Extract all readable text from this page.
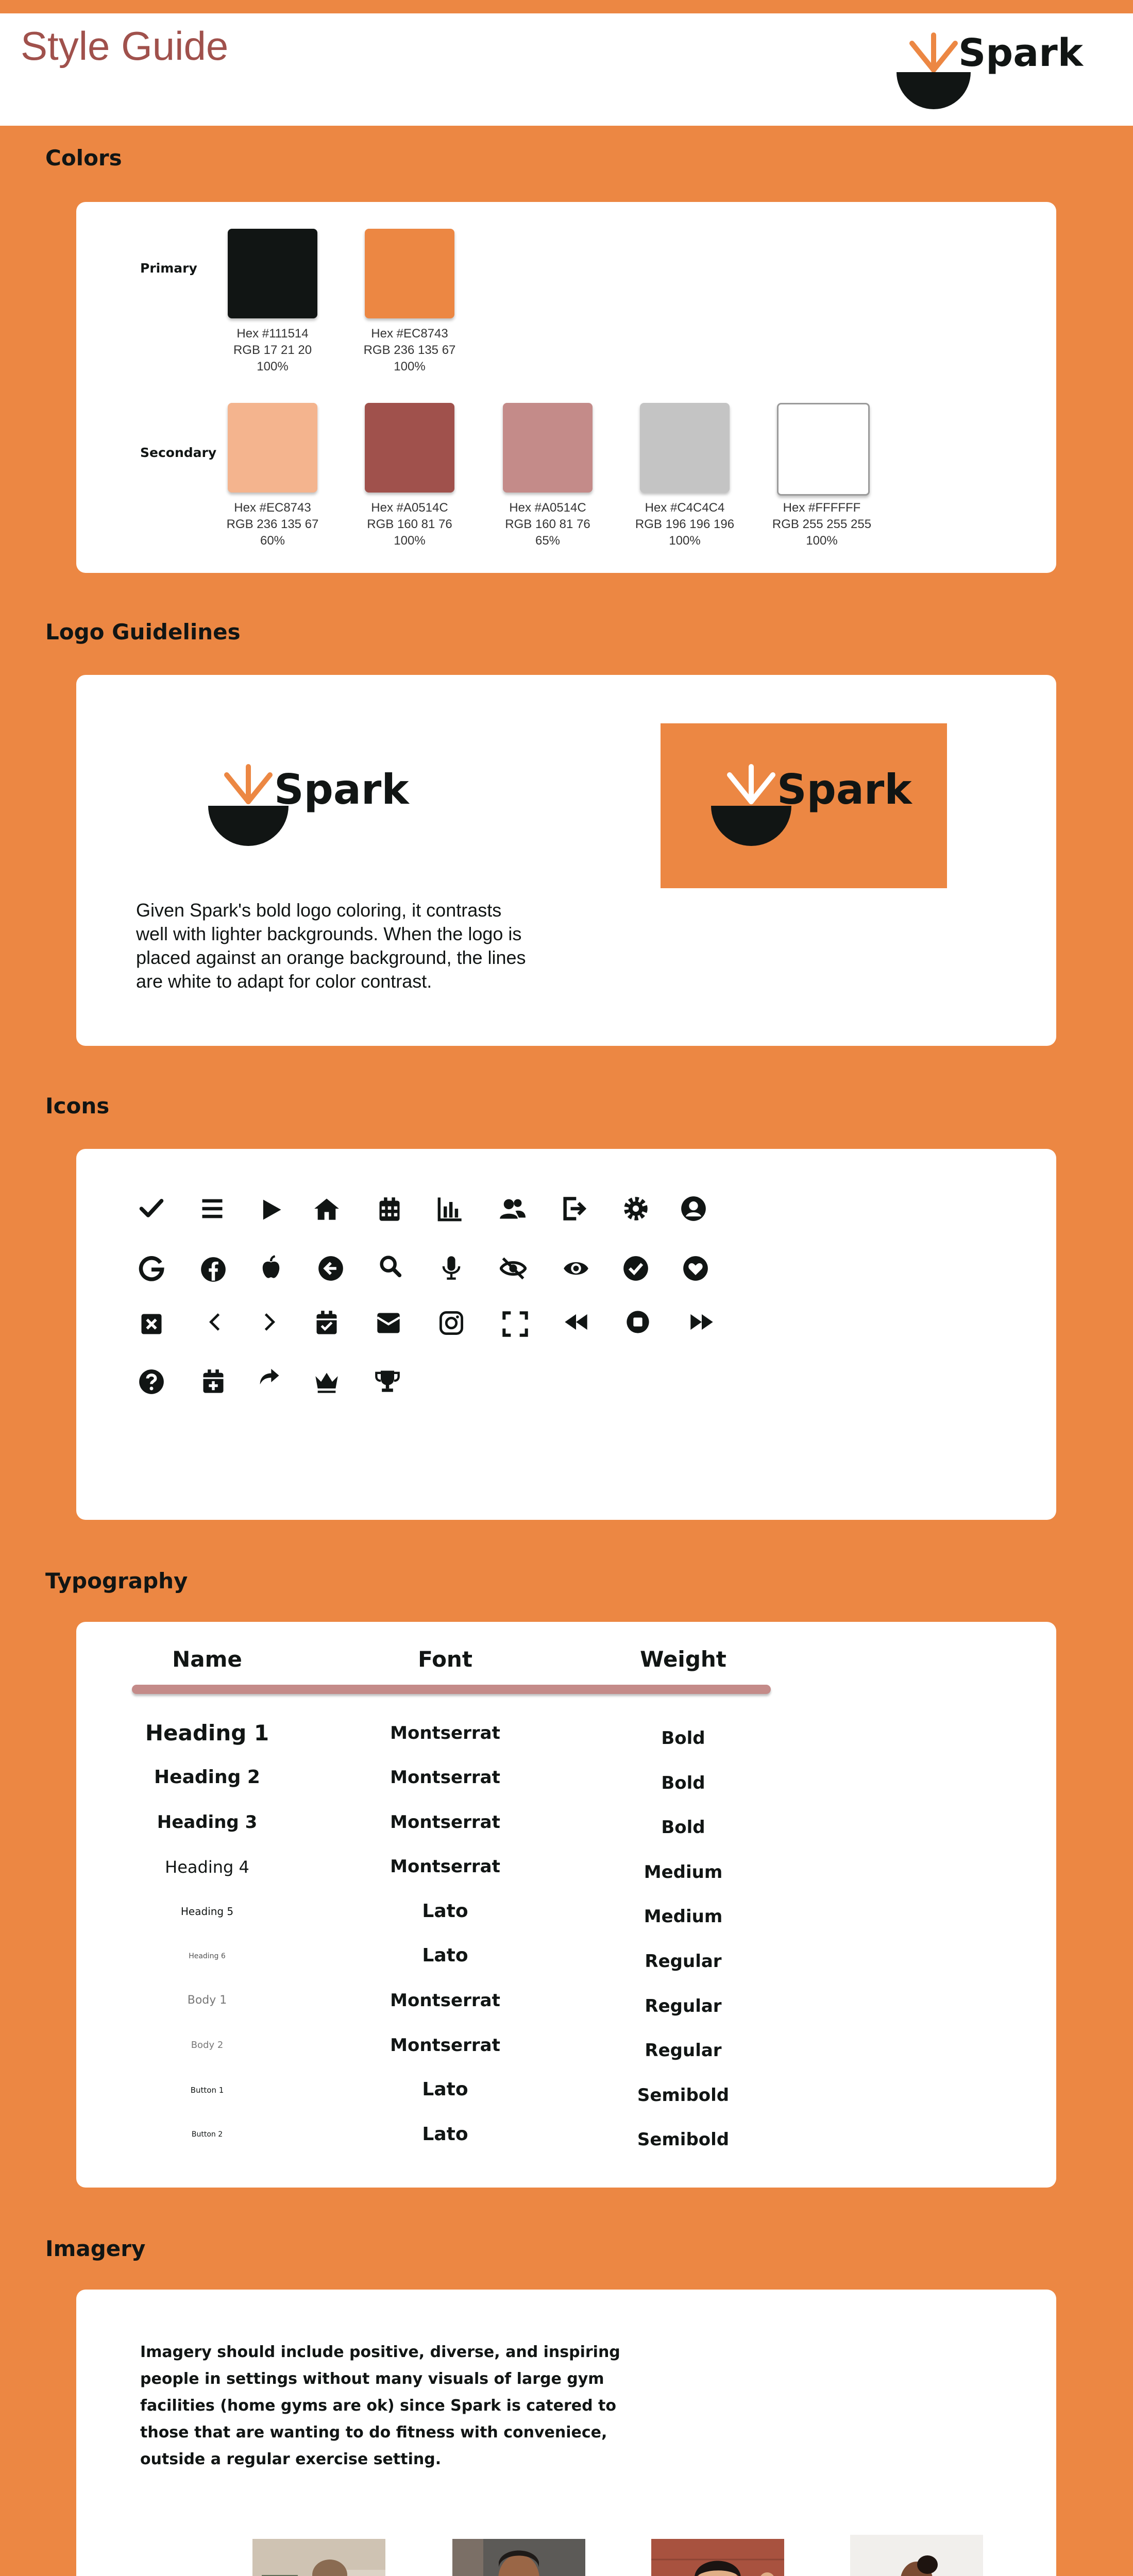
Style Guide	Spark
Colors
Primary
Secondary
Hex #111514
RGB 17 21 20
100%
Hex #EC8743
RGB 236 135 67
100%
Hex #EC8743
RGB 236 135 67
60%
Hex #A0514C
RGB 160 81 76
100%
Hex #A0514C
RGB 160 81 76
65%
Hex #C4C4C4
RGB 196 196 196
100%
Hex #FFFFFF
RGB 255 255 255
100%
Logo Guidelines
Spark	Spark
Given Spark's bold logo coloring, it contrasts well with lighter backgrounds. When the logo is placed against an orange background, the lines are white to adapt for color contrast.
Icons
Typography
Name	Font	Weight
Heading 1	Montserrat	Bold
Heading 2	Montserrat	Bold
Heading 3	Montserrat	Bold
Heading 4	Montserrat	Medium
Heading 5	Lato	Medium
Heading 6	Lato	Regular
Body 1	Montserrat	Regular
Body 2	Montserrat	Regular
Button 1	Lato	Semibold
Button 2	Lato	Semibold
Imagery
Imagery should include positive, diverse, and inspiring people in settings without many visuals of large gym facilities (home gyms are ok) since Spark is catered to those that are wanting to do fitness with conveniece, outside a regular exercise setting.
